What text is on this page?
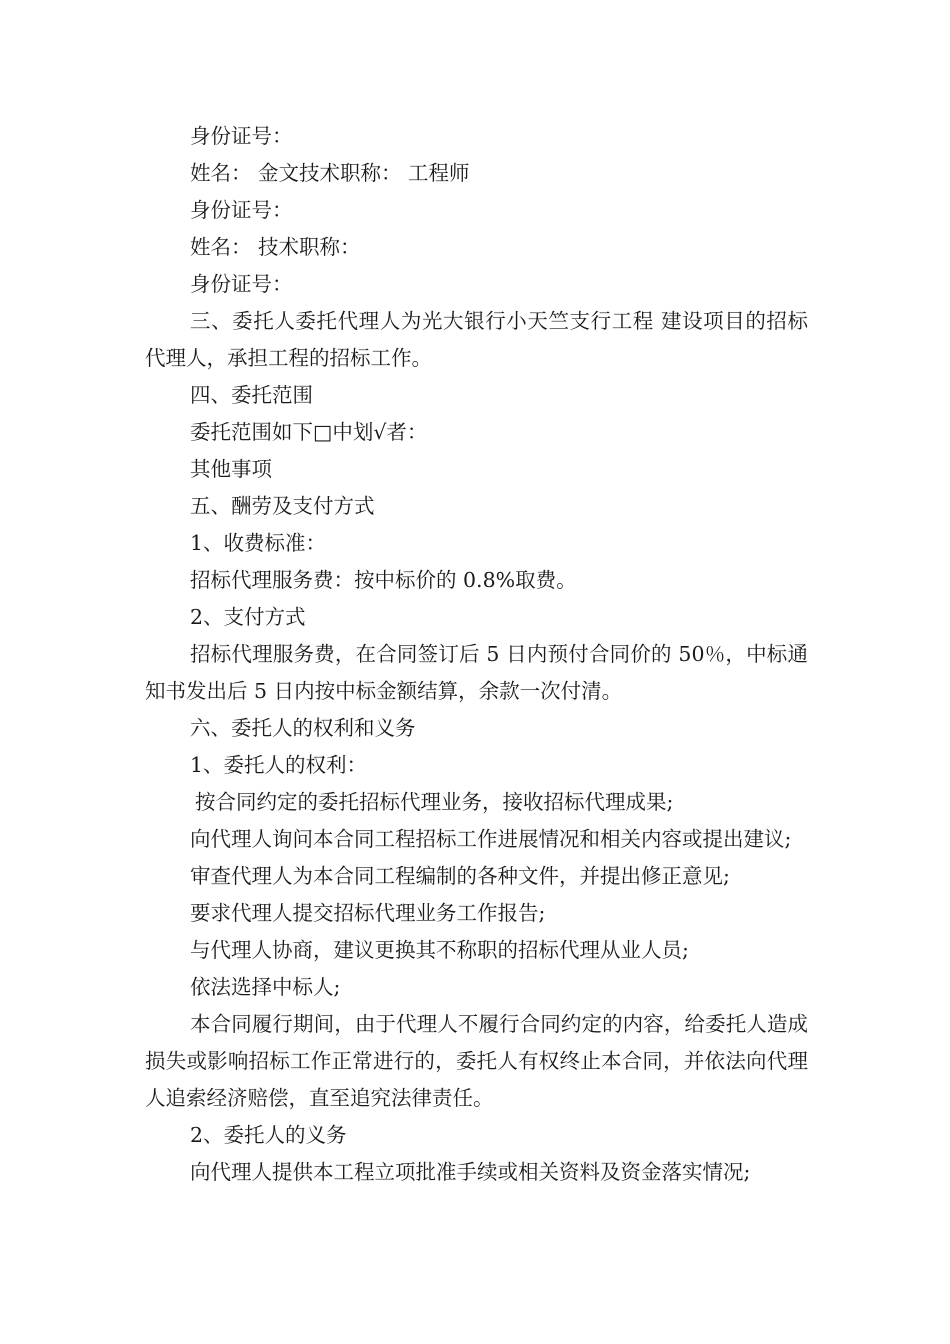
身份证号：

姓名： 金文技术职称： 工程师

身份证号：

姓名： 技术职称：

身份证号：

三、委托人委托代理人为光大银行小天竺支行工程 建设项目的招标代理人，承担工程的招标工作。

四、委托范围

委托范围如下□中划√者：

其他事项

五、酬劳及支付方式

1、收费标准：

招标代理服务费：按中标价的 0.8%取费。

2、支付方式

招标代理服务费，在合同签订后 5 日内预付合同价的 50％，中标通知书发出后 5 日内按中标金额结算，余款一次付清。

六、委托人的权利和义务

1、委托人的权利：

按合同约定的委托招标代理业务，接收招标代理成果;

向代理人询问本合同工程招标工作进展情况和相关内容或提出建议;

审查代理人为本合同工程编制的各种文件，并提出修正意见;

要求代理人提交招标代理业务工作报告;

与代理人协商，建议更换其不称职的招标代理从业人员;

依法选择中标人;

本合同履行期间，由于代理人不履行合同约定的内容，给委托人造成损失或影响招标工作正常进行的，委托人有权终止本合同，并依法向代理人追索经济赔偿，直至追究法律责任。

2、委托人的义务

向代理人提供本工程立项批准手续或相关资料及资金落实情况;
